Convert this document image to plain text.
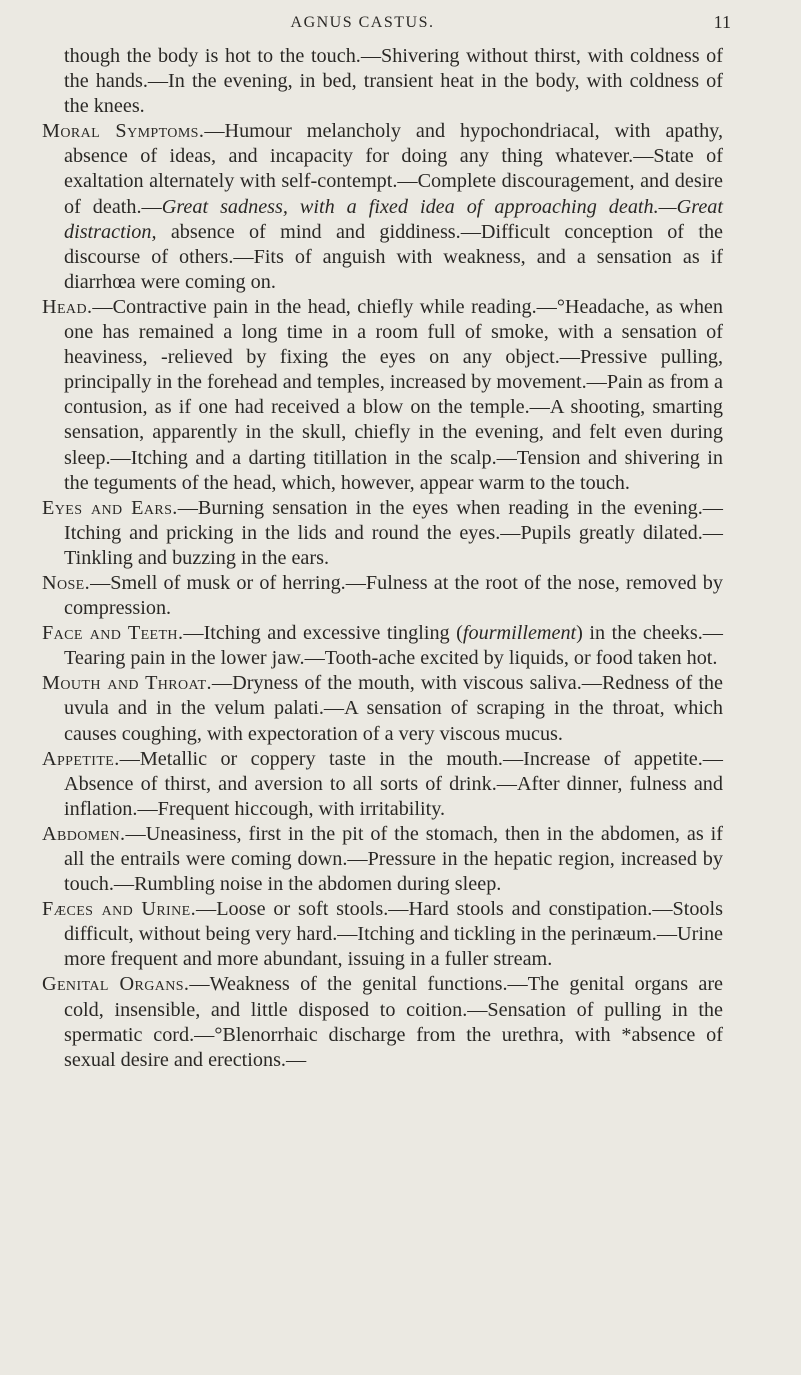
AGNUS CASTUS.	11

though the body is hot to the touch.—Shivering without thirst, with coldness of the hands.—In the evening, in bed, transient heat in the body, with coldness of the knees.

Moral Symptoms.—Humour melancholy and hypochondriacal, with apathy, absence of ideas, and incapacity for doing any thing whatever.—State of exaltation alternately with self-contempt.—Complete discouragement, and desire of death.—Great sadness, with a fixed idea of approaching death.—Great distraction, absence of mind and giddiness.—Difficult conception of the discourse of others.—Fits of anguish with weakness, and a sensation as if diarrhœa were coming on.

Head.—Contractive pain in the head, chiefly while reading.—°Headache, as when one has remained a long time in a room full of smoke, with a sensation of heaviness, -relieved by fixing the eyes on any object.—Pressive pulling, principally in the forehead and temples, increased by movement.—Pain as from a contusion, as if one had received a blow on the temple.—A shooting, smarting sensation, apparently in the skull, chiefly in the evening, and felt even during sleep.—Itching and a darting titillation in the scalp.—Tension and shivering in the teguments of the head, which, however, appear warm to the touch.

Eyes and Ears.—Burning sensation in the eyes when reading in the evening.—Itching and pricking in the lids and round the eyes.—Pupils greatly dilated.—Tinkling and buzzing in the ears.

Nose.—Smell of musk or of herring.—Fulness at the root of the nose, removed by compression.

Face and Teeth.—Itching and excessive tingling (fourmillement) in the cheeks.—Tearing pain in the lower jaw.—Tooth-ache excited by liquids, or food taken hot.

Mouth and Throat.—Dryness of the mouth, with viscous saliva.—Redness of the uvula and in the velum palati.—A sensation of scraping in the throat, which causes coughing, with expectoration of a very viscous mucus.

Appetite.—Metallic or coppery taste in the mouth.—Increase of appetite.—Absence of thirst, and aversion to all sorts of drink.—After dinner, fulness and inflation.—Frequent hiccough, with irritability.

Abdomen.—Uneasiness, first in the pit of the stomach, then in the abdomen, as if all the entrails were coming down.—Pressure in the hepatic region, increased by touch.—Rumbling noise in the abdomen during sleep.

Fæces and Urine.—Loose or soft stools.—Hard stools and constipation.—Stools difficult, without being very hard.—Itching and tickling in the perinæum.—Urine more frequent and more abundant, issuing in a fuller stream.

Genital Organs.—Weakness of the genital functions.—The genital organs are cold, insensible, and little disposed to coition.—Sensation of pulling in the spermatic cord.—°Blenorrhaic discharge from the urethra, with *absence of sexual desire and erections.—
